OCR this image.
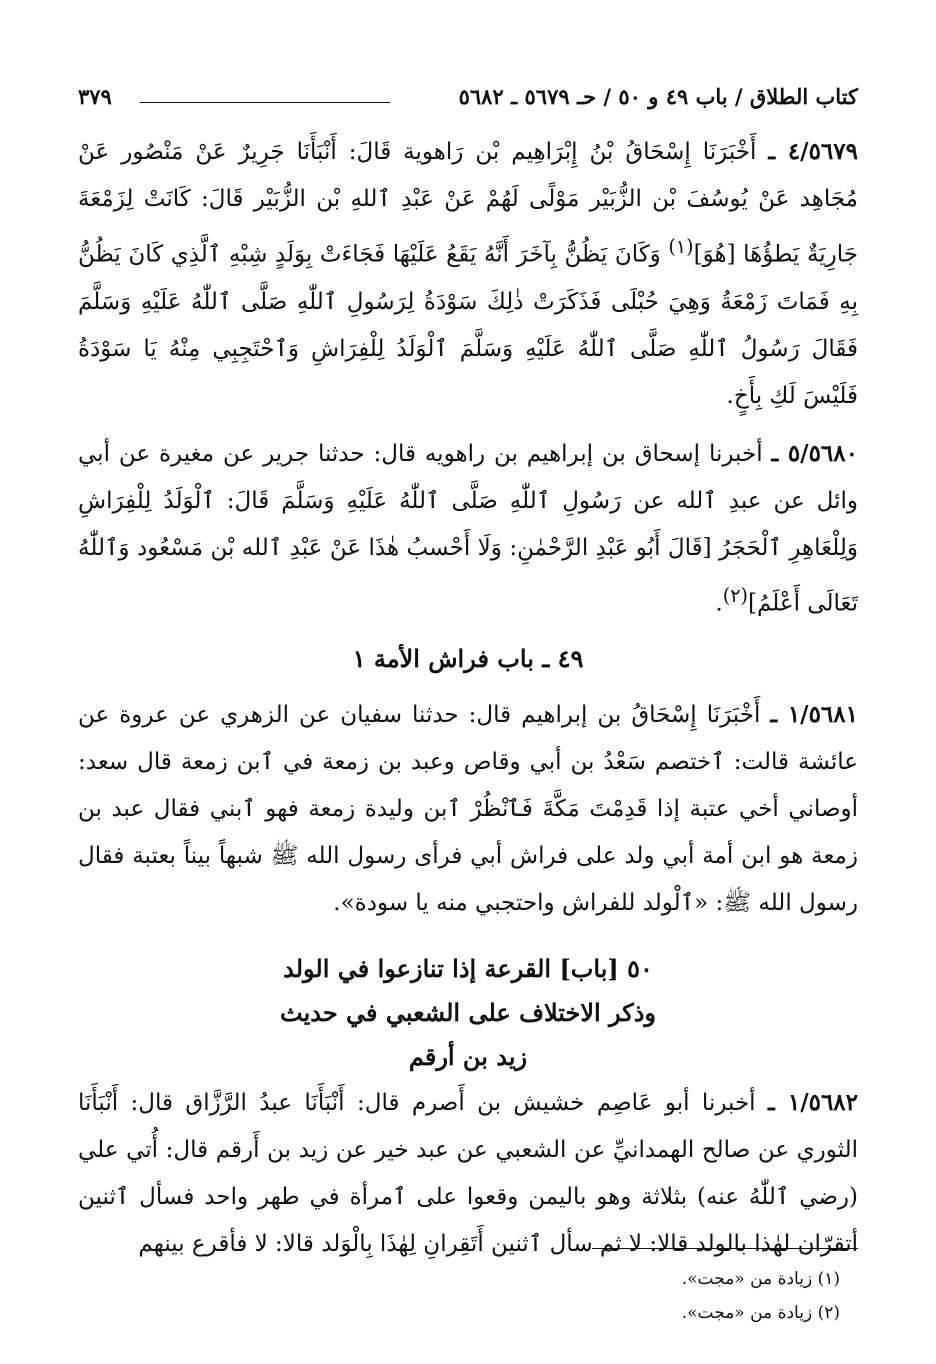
كتاب الطلاق / باب ٤٩ و ٥٠ / حـ ٥٦٧٩ ـ ٥٦٨٢
٣٧٩

٤/٥٦٧٩ ـ أَخْبَرَنَا إِسْحَاقُ بْنُ إِبْرَاهِيم بْن رَاهوية قَالَ: أَنْبَأَنَا جَرِيرٌ عَنْ مَنْصُور عَنْ مُجَاهِد عَنْ يُوسُفَ بْن الزُّبَيْر مَوْلًى لَهُمْ عَنْ عَبْدِ ٱللهِ بْن الزُّبَيْر قَالَ: كَانَتْ لِزَمْعَةَ جَارِيَةٌ يَطؤُهَا [هُوَ]$^{(١)}$ وَكَانَ يَظُنُّ بِآخَرَ أَنَّهُ يَقَعُ عَلَيْهَا فَجَاءَتْ بِوَلَدٍ شِبْهِ ٱلَّذِي كَانَ يَظُنُّ بِهِ فَمَاتَ زَمْعَةُ وَهِيَ حُبْلَى فَذَكَرَتْ ذٰلِكَ سَوْدَةُ لِرَسُولِ ٱللّٰهِ صَلَّى ٱللّٰهُ عَلَيْهِ وَسَلَّمَ فَقَالَ رَسُولُ ٱللّٰهِ صَلَّى ٱللّٰهُ عَلَيْهِ وَسَلَّمَ ٱلْوَلَدُ لِلْفِرَاشِ وَٱحْتَجِبِي مِنْهُ يَا سَوْدَةُ فَلَيْسَ لَكِ بِأَخٍ.

٥/٥٦٨٠ ـ أخبرنا إسحاق بن إبراهيم بن راهويه قال: حدثنا جرير عن مغيرة عن أبي وائل عن عبدِ ٱلله عن رَسُولِ ٱللّٰهِ صَلَّى ٱللّٰهُ عَلَيْهِ وَسَلَّمَ قَالَ: ٱلْوَلَدُ لِلْفِرَاشِ وَلِلْعَاهِرِ ٱلْحَجَرُ [قَالَ أَبُو عَبْدِ الرَّحْمٰنِ: وَلَا أَحْسبُ هٰذَا عَنْ عَبْدِ ٱلله بْن مَسْعُود وَٱللّٰهُ تَعَالَى أَعْلَمُ]$^{(٢)}$.

٤٩ ـ باب فراش الأمة ١

١/٥٦٨١ ـ أَخْبَرَنَا إِسْحَاقُ بن إبراهيم قال: حدثنا سفيان عن الزهري عن عروة عن عائشة قالت: ٱختصم سَعْدُ بن أبي وقاص وعبد بن زمعة في ٱبن زمعة قال سعد: أوصاني أخي عتبة إذا قَدِمْتَ مَكَّةَ فَٱنْظُرْ ٱبن وليدة زمعة فهو ٱبني فقال عبد بن زمعة هو ابن أمة أبي ولد على فراش أبي فرأى رسول الله ﷺ شبهاً بيناً بعتبة فقال رسول الله ﷺ: «ٱلْولد للفراش واحتجبي منه يا سودة».

٥٠ [باب] القرعة إذا تنازعوا في الولد

وذكر الاختلاف على الشعبي في حديث

زيد بن أرقم

١/٥٦٨٢ ـ أخبرنا أبو عَاصِم خشيش بن أَصرم قال: أَنْبَأَنَا عبدُ الرَّزَّاق قال: أَنْبَأَنَا الثوري عن صالح الهمدانيِّ عن الشعبي عن عبد خير عن زيد بن أَرقم قال: أُتي علي (رضي ٱللّٰهُ عنه) بثلاثة وهو باليمن وقعوا على ٱمرأة في طهر واحد فسأل ٱثنين أتقرّان لهٰذا بالولد قالا: لا ثم سأل ٱثنين أَتَقِرانِ لِهٰذَا بِالْوَلد قالا: لا فأقرع بينهم

(١) زيادة من «مجت».

(٢) زيادة من «مجت».
